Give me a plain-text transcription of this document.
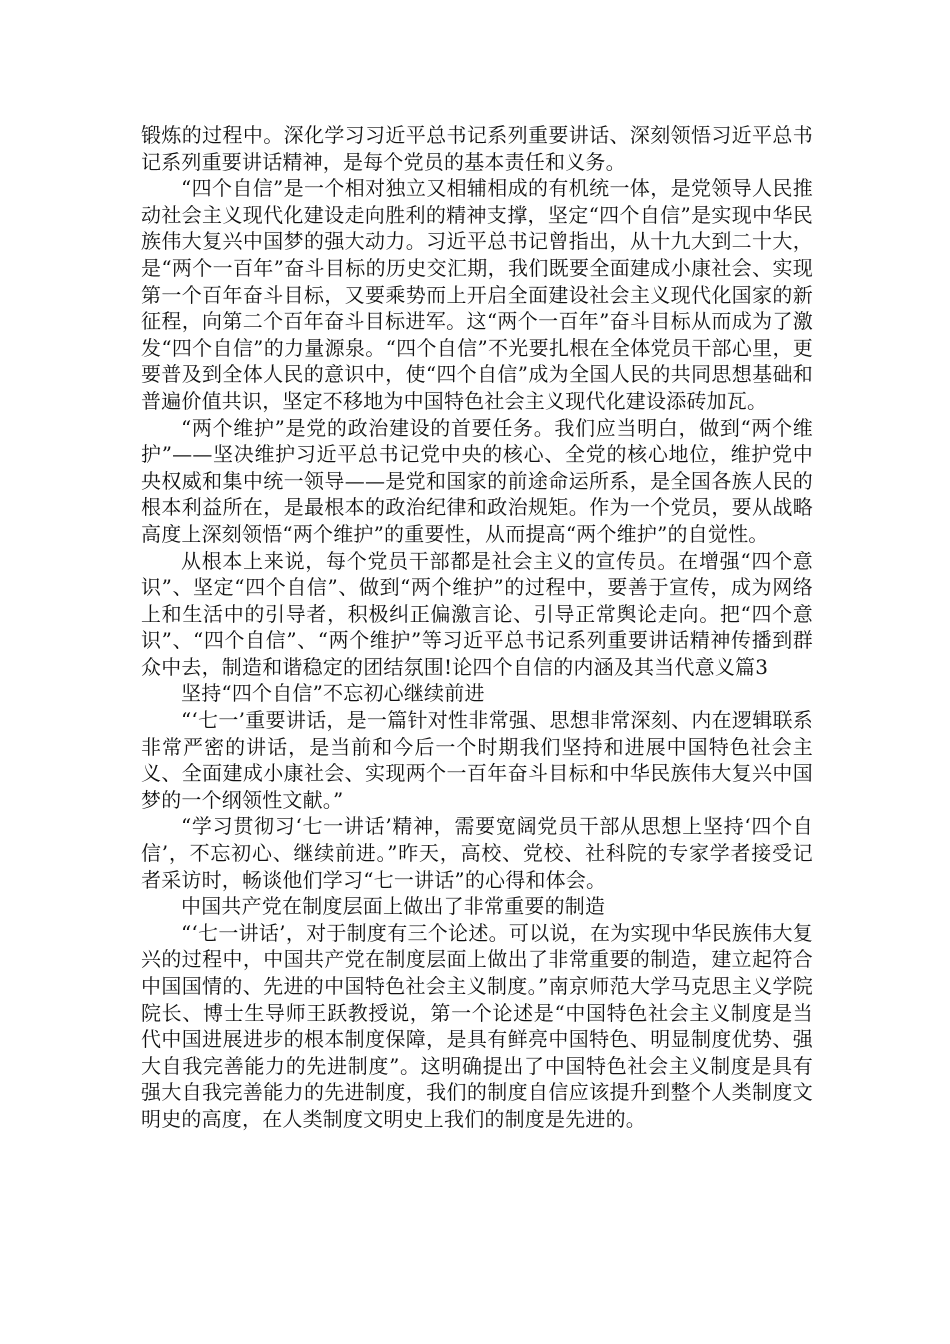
锻炼的过程中。深化学习习近平总书记系列重要讲话、深刻领悟习近平总书记系列重要讲话精神，是每个党员的基本责任和义务。

“四个自信”是一个相对独立又相辅相成的有机统一体，是党领导人民推动社会主义现代化建设走向胜利的精神支撑，坚定“四个自信”是实现中华民族伟大复兴中国梦的强大动力。习近平总书记曾指出，从十九大到二十大，是“两个一百年”奋斗目标的历史交汇期，我们既要全面建成小康社会、实现第一个百年奋斗目标，又要乘势而上开启全面建设社会主义现代化国家的新征程，向第二个百年奋斗目标进军。这“两个一百年”奋斗目标从而成为了激发“四个自信”的力量源泉。“四个自信”不光要扎根在全体党员干部心里，更要普及到全体人民的意识中，使“四个自信”成为全国人民的共同思想基础和普遍价值共识，坚定不移地为中国特色社会主义现代化建设添砖加瓦。

“两个维护”是党的政治建设的首要任务。我们应当明白，做到“两个维护”——坚决维护习近平总书记党中央的核心、全党的核心地位，维护党中央权威和集中统一领导——是党和国家的前途命运所系，是全国各族人民的根本利益所在，是最根本的政治纪律和政治规矩。作为一个党员，要从战略高度上深刻领悟“两个维护”的重要性，从而提高“两个维护”的自觉性。

从根本上来说，每个党员干部都是社会主义的宣传员。在增强“四个意识”、坚定“四个自信”、做到“两个维护”的过程中，要善于宣传，成为网络上和生活中的引导者，积极纠正偏激言论、引导正常舆论走向。把“四个意识”、“四个自信”、“两个维护”等习近平总书记系列重要讲话精神传播到群众中去，制造和谐稳定的团结氛围!论四个自信的内涵及其当代意义篇3

坚持“四个自信”不忘初心继续前进

“‘七一’重要讲话，是一篇针对性非常强、思想非常深刻、内在逻辑联系非常严密的讲话，是当前和今后一个时期我们坚持和进展中国特色社会主义、全面建成小康社会、实现两个一百年奋斗目标和中华民族伟大复兴中国梦的一个纲领性文献。”

“学习贯彻习‘七一讲话’精神，需要宽阔党员干部从思想上坚持‘四个自信’，不忘初心、继续前进。”昨天，高校、党校、社科院的专家学者接受记者采访时，畅谈他们学习“七一讲话”的心得和体会。

中国共产党在制度层面上做出了非常重要的制造

“‘七一讲话’，对于制度有三个论述。可以说，在为实现中华民族伟大复兴的过程中，中国共产党在制度层面上做出了非常重要的制造，建立起符合中国国情的、先进的中国特色社会主义制度。”南京师范大学马克思主义学院院长、博士生导师王跃教授说，第一个论述是“中国特色社会主义制度是当代中国进展进步的根本制度保障，是具有鲜亮中国特色、明显制度优势、强大自我完善能力的先进制度”。这明确提出了中国特色社会主义制度是具有强大自我完善能力的先进制度，我们的制度自信应该提升到整个人类制度文明史的高度，在人类制度文明史上我们的制度是先进的。
